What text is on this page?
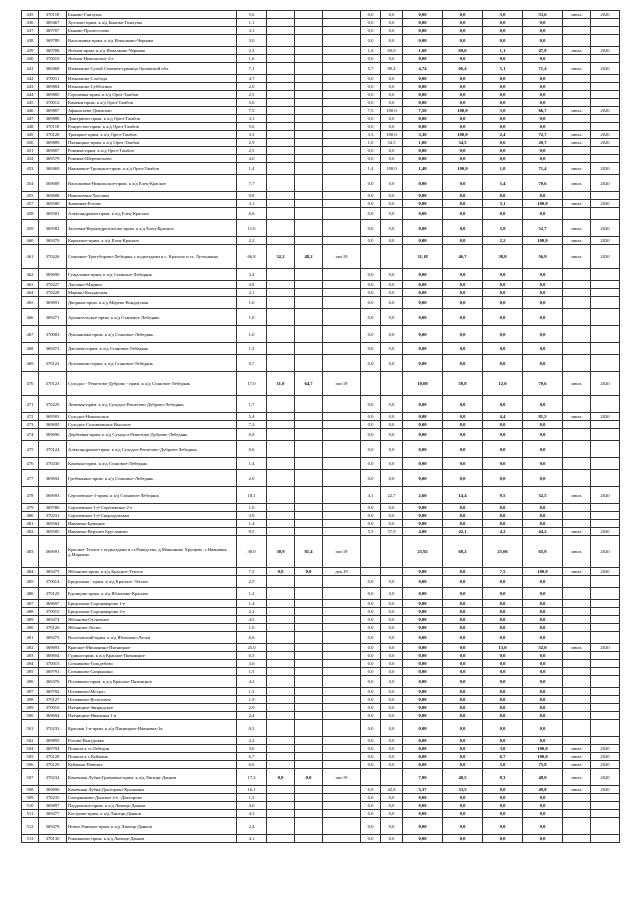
435	370118	Быково-Гнилуша	5,6				0,0	0,0	0,00	0,0	3,0	53,6	июль	2020
436	369467	Хухлово-прим. к а/д Быково-Гнилуша	1,1				0,0	0,0	0,00	0,0	0,0	0,0		
437	369787	Быково-Прочеселово	3,1				0,0	0,0	0,00	0,0	0,0	0,0		
438	369789	Васильевка-прим. к а/д Измалково-Чернава	3,0				0,0	0,0	0,00	0,0	0,0	0,0		
439	369788	Ясенок-прим. к а/д Измалково-Чернава	2,3				1,6	69,6	1,60	69,6	1,1	47,8	июль	2020
440	370010	Ясенок-Никольское 2-е	1,6				0,0	0,0	0,00	0,0	0,0	0,0		
441	369468	Измалково-Сухой Семенек-граница Орловской обл.	7,1				5,7	80,4	4,74	66,4	5,1	71,4	июль	2020
442	370011	Измалково-Слобода	4,7				0,0	0,0	0,00	0,0	0,0	0,0		
443	369884	Измалково-Субботино	2,0				0,0	0,0	0,00	0,0	0,0	0,0		
444	369885	Сергиевка-прим. к а/д Орел-Тамбов	2,5				0,0	0,0	0,00	0,0	0,0	0,0		
445	370012	Каменн-прим. к а/д Орел-Тамбов	5,0				0,0	0,0	0,00	0,0	0,0	0,0		
446	369887	Афанасьево-Денисово	7,5				7,5	100,0	7,50	100,0	5,0	66,7	июль	2020
447	369888	Дмитриево-прим. к а/д Орел-Тамбов	3,1				0,0	0,0	0,00	0,0	0,0	0,0		
448	370118	Рождество-прим. к а/д Орел-Тамбов	5,6				0,0	0,0	0,00	0,0	0,0	0,0		
449	370120	Троицкое-прим. к а/д Орел-Тамбов	3,3				3,3	100,0	3,30	100,0	2,4	72,7	июль	2020
450	369889	Пятницкое-прим. к а/д Орел-Тамбов	2,9				1,0	34,5	1,00	34,5	0,6	20,7	июль	2020
451	369687	Ровенка-прим. к а/д Орел-Тамбов	2,5				0,0	0,0	0,00	0,0	0,0	0,0		
452	369579	Ровенка-Шереметьево	4,0				0,0	0,0	0,00	0,0	0,0	0,0		
453	369469	Ивановкое-Троицкое-прим. к а/д Орел-Тамбов	1,4				1,4	100,0	1,40	100,0	1,0	71,4	июль	2020
454	369689	Васильевка-Никольское-прим. к а/д Елец-Краское	7,7				0,0	0,0	0,00	0,0	5,4	70,6	июль	2020
455	369688	Николаевка-Лысовка	0,8				0,0	0,0	0,00	0,0	0,0	0,0		
457	369580	Знаменка-Рогово	3,1				0,0	0,0	0,00	0,0	3,1	100,0	июль	2020
458	369581	Александровка-прим. к а/д Елец-Красное	0,6				0,0	0,0	0,00	0,0	0,0	0,0		
459	369582	Засеевка-Верхнедрезгалово-прим. к а/д Елец-Красное	11,0				0,0	0,0	0,00	0,0	5,8	52,7	июль	2020
460	369470	Корытное-прим. к а/д Елец-Красное	2,2				0,0	0,0	0,00	0,0	2,2	100,0	июль	2020
461	370226	Становое-Трегуборово-Лебедянь с подъездами к с. Красное и ст. Лутошкино	66,8	32,2	48,2	окт.19			31,18	46,7	38,0	56,9	июль	2020
462	369690	Гущаловка-прим. к а/д Становое-Лебедянь	3,4				0,0	0,0	0,00	0,0	0,0	0,0		
463	370227	Лаучино-Марино	4,8				0,0	0,0	0,00	0,0	0,0	0,0		
464	370228	Марино-Кондауская	2,1				0,0	0,0	0,00	0,0	0,0	0,0		
465	369691	Дворики-прим. к а/д Морево-Кондауская	1,0				0,0	0,0	0,00	0,0	0,0	0,0		
466	369471	Архангельское-прим. к а/д Становое-Лебедянь	1,0				0,0	0,0	0,00	0,0	0,0	0,0		
467	370003	Лукьяновка-прим. к а/д Становое-Лебедянь	1,0				0,0	0,0	0,00	0,0	0,0	0,0		
468	369472	Дагтаево-прим. к а/д Становое-Лебедянь	1,3				0,0	0,0	0,00	0,0	0,0	0,0		
469	370122	Лутошкино-прим. к а/д Становое-Лебедянь	0,7				0,0	0,0	0,00	0,0	0,0	0,0		
470	370123	Суходол - Решетово-Дуброво - прим. к а/д Становое-Лебедянь	17,0	11,0	64,7	окт.19			10,00	58,8	12,0	70,6	июль	2020
471	370229	Липовая-прим. к а/д Суходол-Решетово-Дуброво-Лебедянь	1,7				0,0	0,0	0,00	0,0	0,0	0,0		
472	369583	Суходол-Никольское	5,4				0,0	0,0	0,00	0,0	4,4	81,5	июль	2020
473	369695	Суходол-Соловьевское Высокое	7,2				0,0	0,0	0,00	0,0	0,0	0,0		
474	369696	Дербеевка-прим. к а/д Суходол-Решетово-Дуброво-Лебедянь	0,9				0,0	0,0	0,00	0,0	0,0	0,0		
475	370124	Александровка-прим. к а/д Суходол-Решетово-Дуброво-Лебедянь	0,6				0,0	0,0	0,00	0,0	0,0	0,0		
476	370230	Каменка-прим. к а/д Становое-Лебедянь	1,4				0,0	0,0	0,00	0,0	0,0	0,0		
477	369692	Гребенкино-прим. к а/д Становое-Лебедянь	2,0				0,0	0,0	0,00	0,0	0,0	0,0		
478	369693	Сергиевское-1-прим. к а/д Становое-Лебедянь	18,1				4,1	22,7	2,60	14,4	9,5	52,5	июль	2020
479	369786	Сергиевское 1-е-Сергиевское 2-е	1,0				0,0	0,0	0,00	0,0	0,0	0,0		
480	370231	Сергиевское 1-е-Скородумовка	3,9				0,0	0,0	0,00	0,0	0,0	0,0		
481	369584	Ивашино-Брюцкое	1,4				0,0	0,0	0,00	0,0	0,0	0,0		
482	369585	Ивашино-Верхнее Брусланово	9,5				5,5	57,9	4,00	42,1	4,2	44,2	июль	2020
483	369691	Красное-Теплое с подъездами к ст.Роведство, д.Машонино Хрущево, с.Ивановка, д.Марьино	38,0	30,9	81,4	окт.19			25,92	68,2	25,06	65,9	июль	2020
484	369475	Яблоново-прим. к а/д Красное-Теплое	7,5	0,0	0,0	дек.19			0,00	0,0	7,5	100,0	июль	2020
485	370014	Бредихино - прим. к а/д Красное -Теплое	2,5				0,0	0,0	0,00	0,0	0,0	0,0		
486	370125	Едпицово-прим. к а/д Яблоново-Красное	1,2				0,0	0,0	0,00	0,0	0,0	0,0		
487	369697	Бредихино-Сороковарово 1-е	1,4				0,0	0,0	0,00	0,0	0,0	0,0		
488	370015	Бредихино-Сороковарово 2-е	2,2				0,0	0,0	0,00	0,0	0,0	0,0		
489	369474	Яблонова-Отскочное	4,5				0,0	0,0	0,00	0,0	0,0	0,0		
490	370126	Яблоново-Лески	1,0				0,0	0,0	0,00	0,0	0,0	0,0		
491	369475	Волотовский-прим. к а/д Яблоново-Лески	0,6				0,0	0,0	0,00	0,0	0,0	0,0		
492	369693	Красное-Мишанино-Пятницкое	25,0				0,0	0,0	0,00	0,0	13,0	52,0	июль	2020
493	369694	Гудина-прим. к а/д Красное-Пятницкое	0,5				0,0	0,0	0,00	0,0	0,0	0,0		
494	370015	Сотниково-Гольдебово	3,6				0,0	0,0	0,00	0,0	0,0	0,0		
495	369791	Сотниково-Сапрыкино	1,5				0,0	0,0	0,00	0,0	0,0	0,0		
496	369476	Полевково-прим. к а/д Красное-Пятницкое	4,2				0,0	0,0	0,00	0,0	0,0	0,0		
497	369792	Полевково-Мосрос	1,3				0,0	0,0	0,00	0,0	0,0	0,0		
498	370127	Полевково-Волотовое	1,9				0,0	0,0	0,00	0,0	0,0	0,0		
499	370016	Пятницкое-Звиридское	2,9				0,0	0,0	0,00	0,0	0,0	0,0		
500	369694	Пятницкое-Ивановка 1-я	2,4				0,0	0,0	0,00	0,0	0,0	0,0		
501	370233	Красная 1-я-прим. к а/д Пятницкое-Ивановка-1я	0,5				0,0	0,0	0,00	0,0	0,0	0,0		
502	369895	Рогово-Выгудовка	2,2				0,0	0,0	0,00	0,0	0,0	0,0		
504	369794	Попыта к ст.Лебедин	3,0				0,0	0,0	0,00	0,0	3,0	100,0	июль	2020
505	370128	Попыта к с.Куймань	6,7				0,0	0,0	0,00	0,0	6,7	100,0	июль	2020
506	370129	Куймань-Павелка	6,6				0,0	0,0	0,00	0,0	5,0	75,8	июль	2020
507	370234	Каменная Лубна-Грязновка-прим. к а/д Липецк-Данков	17,3	0,0	0,0	окт.19			7,00	40,5	8,3	48,0	июль	2020
508	369696	Каменная Лубна-Докторово-Куликовка	16,1				6,9	42,8	5,37	33,5	8,0	49,8	июль	2020
509	370235	Сахорниково-Донское 2-е -Докторово	1,5				0,0	0,0	0,00	0,0	0,0	0,0		
510	369897	Паддовское-прим. к а/д Липецк-Данков	4,0				0,0	0,0	0,00	0,0	0,0	0,0		
511	369477	Кострово-прим. к а/д Липецк-Данков	4,3				0,0	0,0	0,00	0,0	0,0	0,0		
512	369478	Новое Раненое-прим. к а/д Липецк-Данков	2,4				0,0	0,0	0,00	0,0	0,0	0,0		
513	370130	Ромашково-прим. к а/д Липецк-Данков	4,1				0,0	0,0	0,00	0,0	0,0	0,0		
